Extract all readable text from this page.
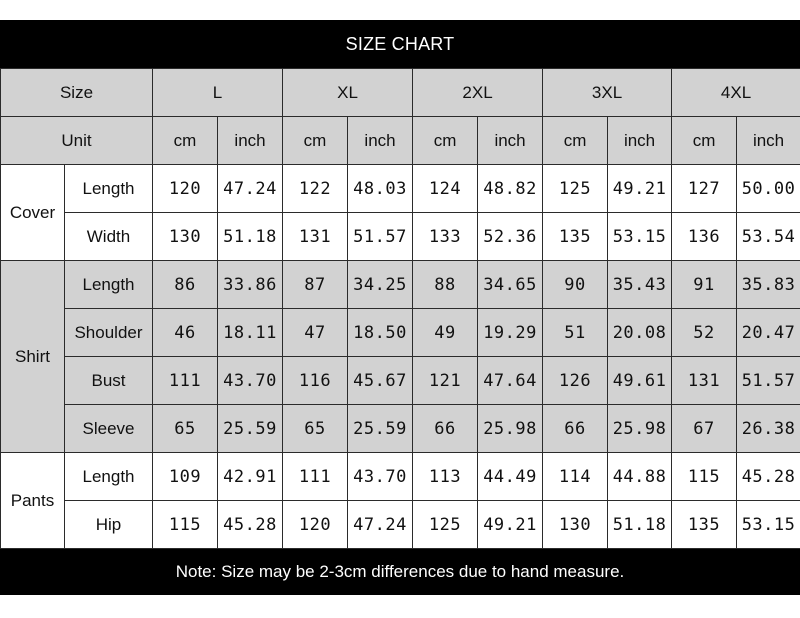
SIZE CHART
Size		L		XL		2XL		3XL		4XL	
Unit		cm	inch	cm	inch	cm	inch	cm	inch	cm	inch
Cover	Length	120	47.24	122	48.03	124	48.82	125	49.21	127	50.00
	Width	130	51.18	131	51.57	133	52.36	135	53.15	136	53.54
Shirt	Length	86	33.86	87	34.25	88	34.65	90	35.43	91	35.83
	Shoulder	46	18.11	47	18.50	49	19.29	51	20.08	52	20.47
	Bust	111	43.70	116	45.67	121	47.64	126	49.61	131	51.57
	Sleeve	65	25.59	65	25.59	66	25.98	66	25.98	67	26.38
Pants	Length	109	42.91	111	43.70	113	44.49	114	44.88	115	45.28
	Hip	115	45.28	120	47.24	125	49.21	130	51.18	135	53.15
Note: Size may be 2-3cm differences due to hand measure.
